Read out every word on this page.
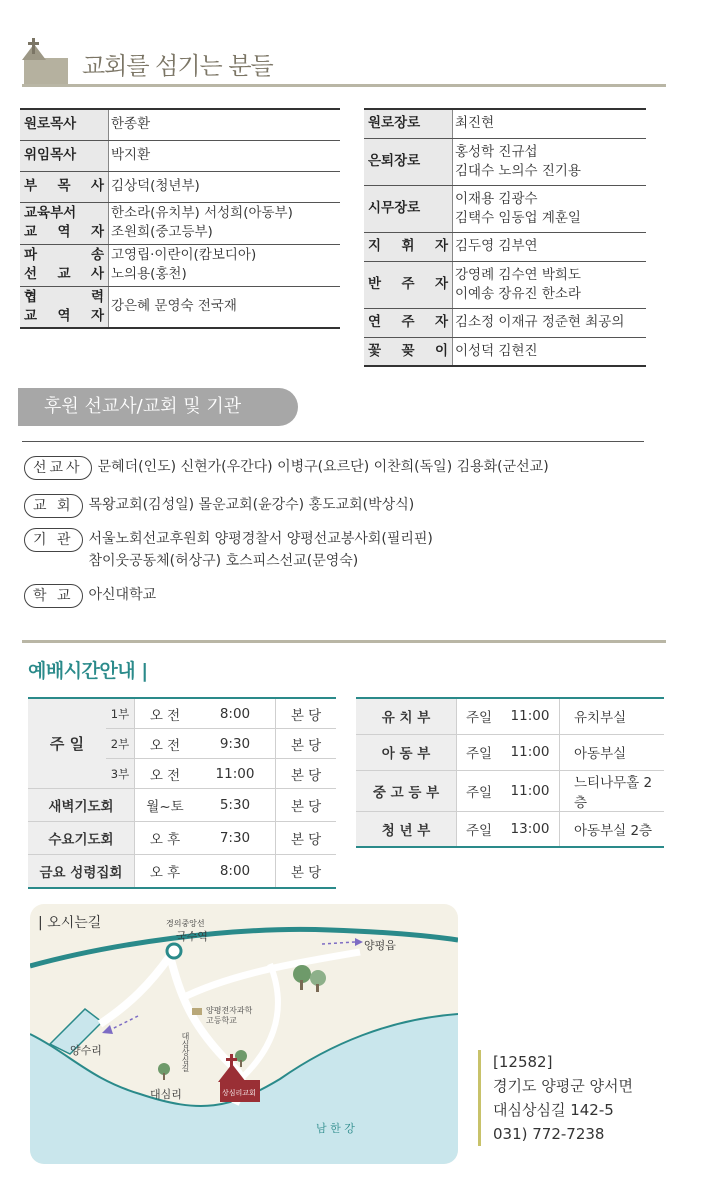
교회를 섬기는 분들
원로목사	한종환
위임목사	박지환
부 목 사	김상덕(청년부)
교육부서
교 역 자	한소라(유치부) 서성희(아동부)
조원희(중고등부)
파 송
선 교 사	고영립·이란이(캄보디아)
노의용(홍천)
협 력
교 역 자	강은혜 문영숙 전국재
원로장로	최진현
은퇴장로	홍성학 진규섭
김대수 노의수 진기용
시무장로	이재용 김광수
김택수 임동업 계훈일
지 휘 자	김두영 김부연
반 주 자	강영례 김수연 박희도
이예송 장유진 한소라
연 주 자	김소정 이재규 정준현 최공의
꽃 꽂 이	이성덕 김현진
후원 선교사/교회 및 기관
선교사	문혜더(인도) 신현가(우간다) 이병구(요르단) 이찬희(독일) 김용화(군선교)
교 회	목왕교회(김성일) 몰운교회(윤강수) 홍도교회(박상식)
기 관	서울노회선교후원회 양평경찰서 양평선교봉사회(필리핀)
참이웃공동체(허상구) 호스피스선교(문영숙)
학 교	아신대학교
예배시간안내 |
주 일	1부	오 전	8:00	본 당
	2부	오 전	9:30	본 당
	3부	오 전	11:00	본 당
새벽기도회		월~토	5:30	본 당
수요기도회		오 후	7:30	본 당
금요 성령집회		오 후	8:00	본 당
유 치 부	주일	11:00	유치부실
아 동 부	주일	11:00	아동부실
중 고 등 부	주일	11:00	느티나무홀 2층
청 년 부	주일	13:00	아동부실 2층
| 오시는길	경의중앙선
국수역
양평읍
양평전자과학
고등학교
양수리	대심상심길
대심리	상심리교회
남 한 강
[12582]
경기도 양평군 양서면
대심상심길 142-5
031) 772-7238
